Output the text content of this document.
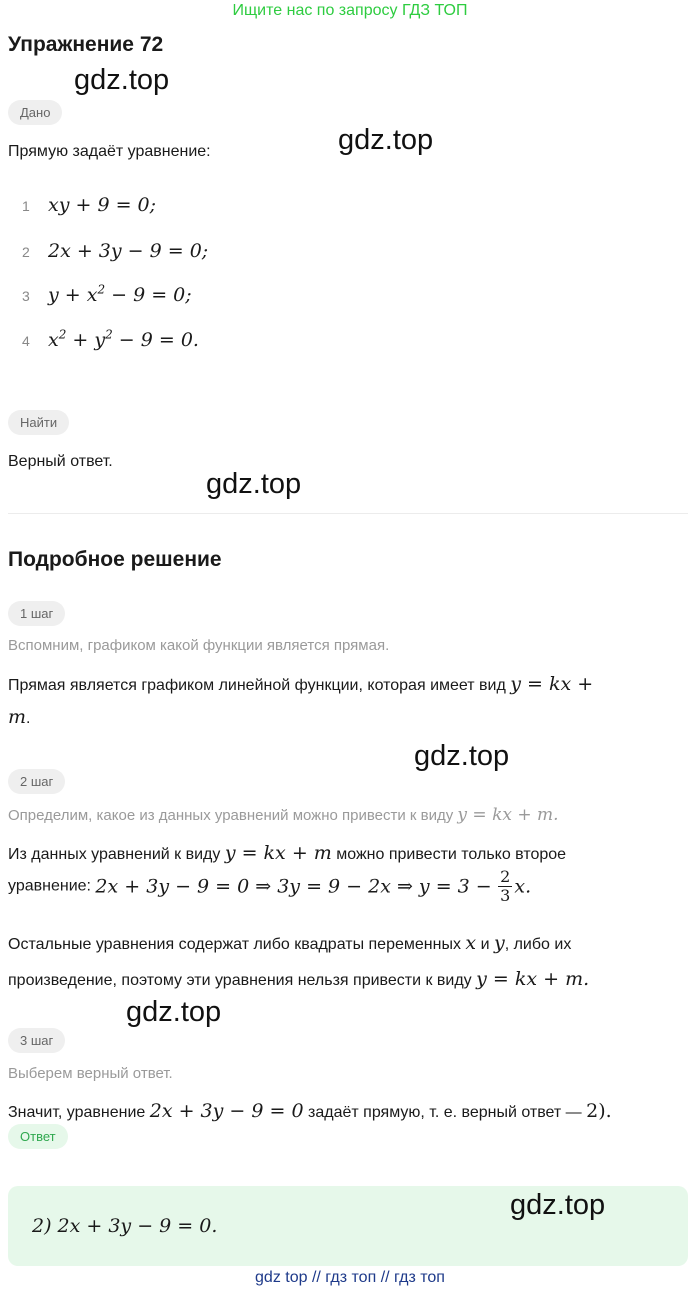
Ищите нас по запросу ГДЗ ТОП
Упражнение 72
gdz.top
gdz.top
Дано
Прямую задаёт уравнение:
1 xy + 9 = 0;
2 2x + 3y − 9 = 0;
3 $y + x^2 - 9 = 0$;
4 $x^2 + y^2 - 9 = 0$.
Найти
Верный ответ.
gdz.top
Подробное решение
1 шаг
Вспомним, графиком какой функции является прямая.
Прямая является графиком линейной функции, которая имеет вид y = kx +
m.
gdz.top
2 шаг
Определим, какое из данных уравнений можно привести к виду y = kx + m.
Из данных уравнений к виду y = kx + m можно привести только второе
уравнение: 2x + 3y − 9 = 0 ⇒ 3y = 9 − 2x ⇒ $y = 3 - \frac{2}{3} x$.
Остальные уравнения содержат либо квадраты переменных x и y, либо их
произведение, поэтому эти уравнения нельзя привести к виду y = kx + m.
gdz.top
3 шаг
Выберем верный ответ.
Значит, уравнение 2x + 3y − 9 = 0 задаёт прямую, т. е. верный ответ — 2).
Ответ
2) 2x + 3y − 9 = 0.
gdz.top
gdz top // гдз топ // гдз топ
